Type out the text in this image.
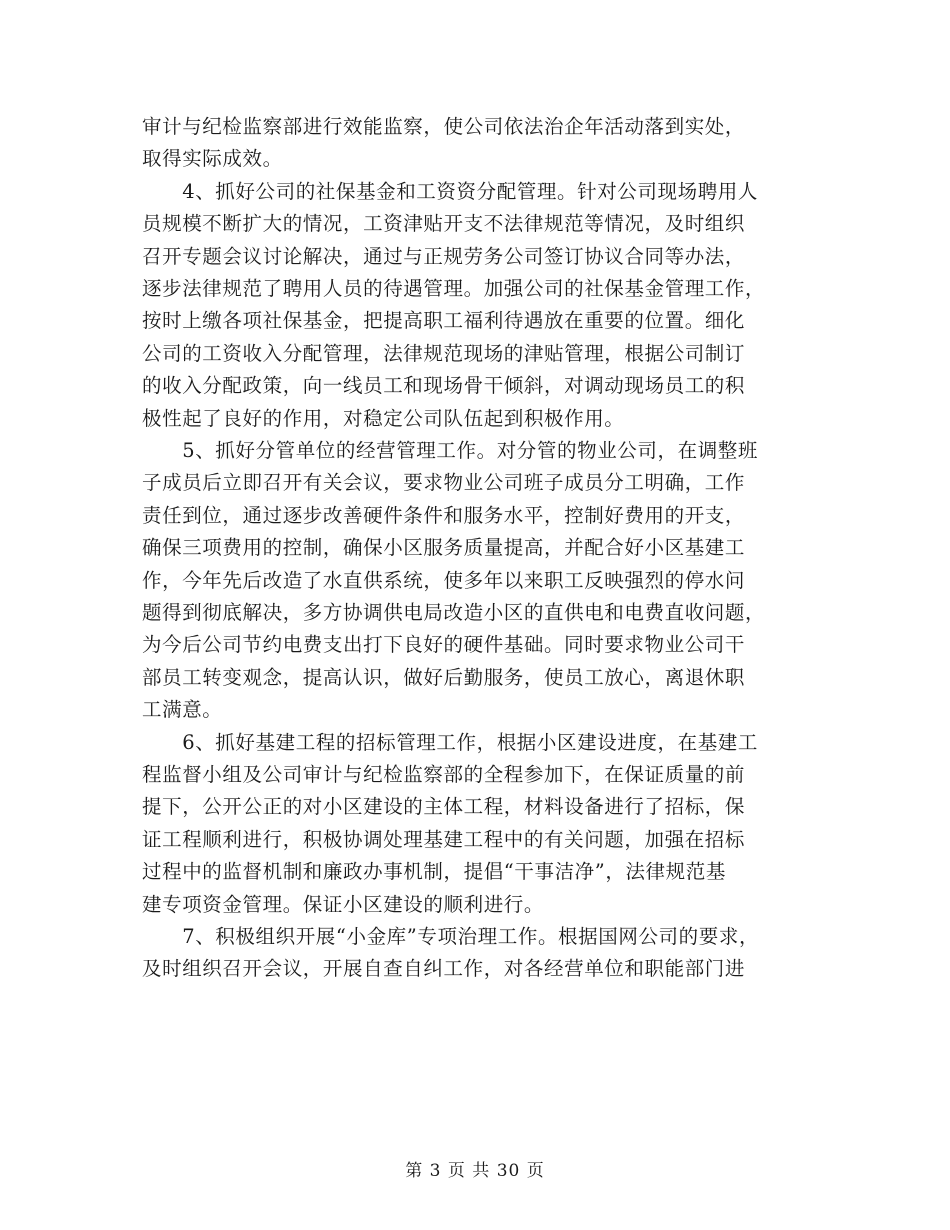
审计与纪检监察部进行效能监察，使公司依法治企年活动落到实处，
取得实际成效。
　　4、抓好公司的社保基金和工资资分配管理。针对公司现场聘用人
员规模不断扩大的情况，工资津贴开支不法律规范等情况，及时组织
召开专题会议讨论解决，通过与正规劳务公司签订协议合同等办法，
逐步法律规范了聘用人员的待遇管理。加强公司的社保基金管理工作，
按时上缴各项社保基金，把提高职工福利待遇放在重要的位置。细化
公司的工资收入分配管理，法律规范现场的津贴管理，根据公司制订
的收入分配政策，向一线员工和现场骨干倾斜，对调动现场员工的积
极性起了良好的作用，对稳定公司队伍起到积极作用。
　　5、抓好分管单位的经营管理工作。对分管的物业公司，在调整班
子成员后立即召开有关会议，要求物业公司班子成员分工明确，工作
责任到位，通过逐步改善硬件条件和服务水平，控制好费用的开支，
确保三项费用的控制，确保小区服务质量提高，并配合好小区基建工
作，今年先后改造了水直供系统，使多年以来职工反映强烈的停水问
题得到彻底解决，多方协调供电局改造小区的直供电和电费直收问题，
为今后公司节约电费支出打下良好的硬件基础。同时要求物业公司干
部员工转变观念，提高认识，做好后勤服务，使员工放心，离退休职
工满意。
　　6、抓好基建工程的招标管理工作，根据小区建设进度，在基建工
程监督小组及公司审计与纪检监察部的全程参加下，在保证质量的前
提下，公开公正的对小区建设的主体工程，材料设备进行了招标，保
证工程顺利进行，积极协调处理基建工程中的有关问题，加强在招标
过程中的监督机制和廉政办事机制，提倡“干事洁净”，法律规范基
建专项资金管理。保证小区建设的顺利进行。
　　7、积极组织开展“小金库”专项治理工作。根据国网公司的要求，
及时组织召开会议，开展自查自纠工作，对各经营单位和职能部门进
第 3 页 共 30 页
